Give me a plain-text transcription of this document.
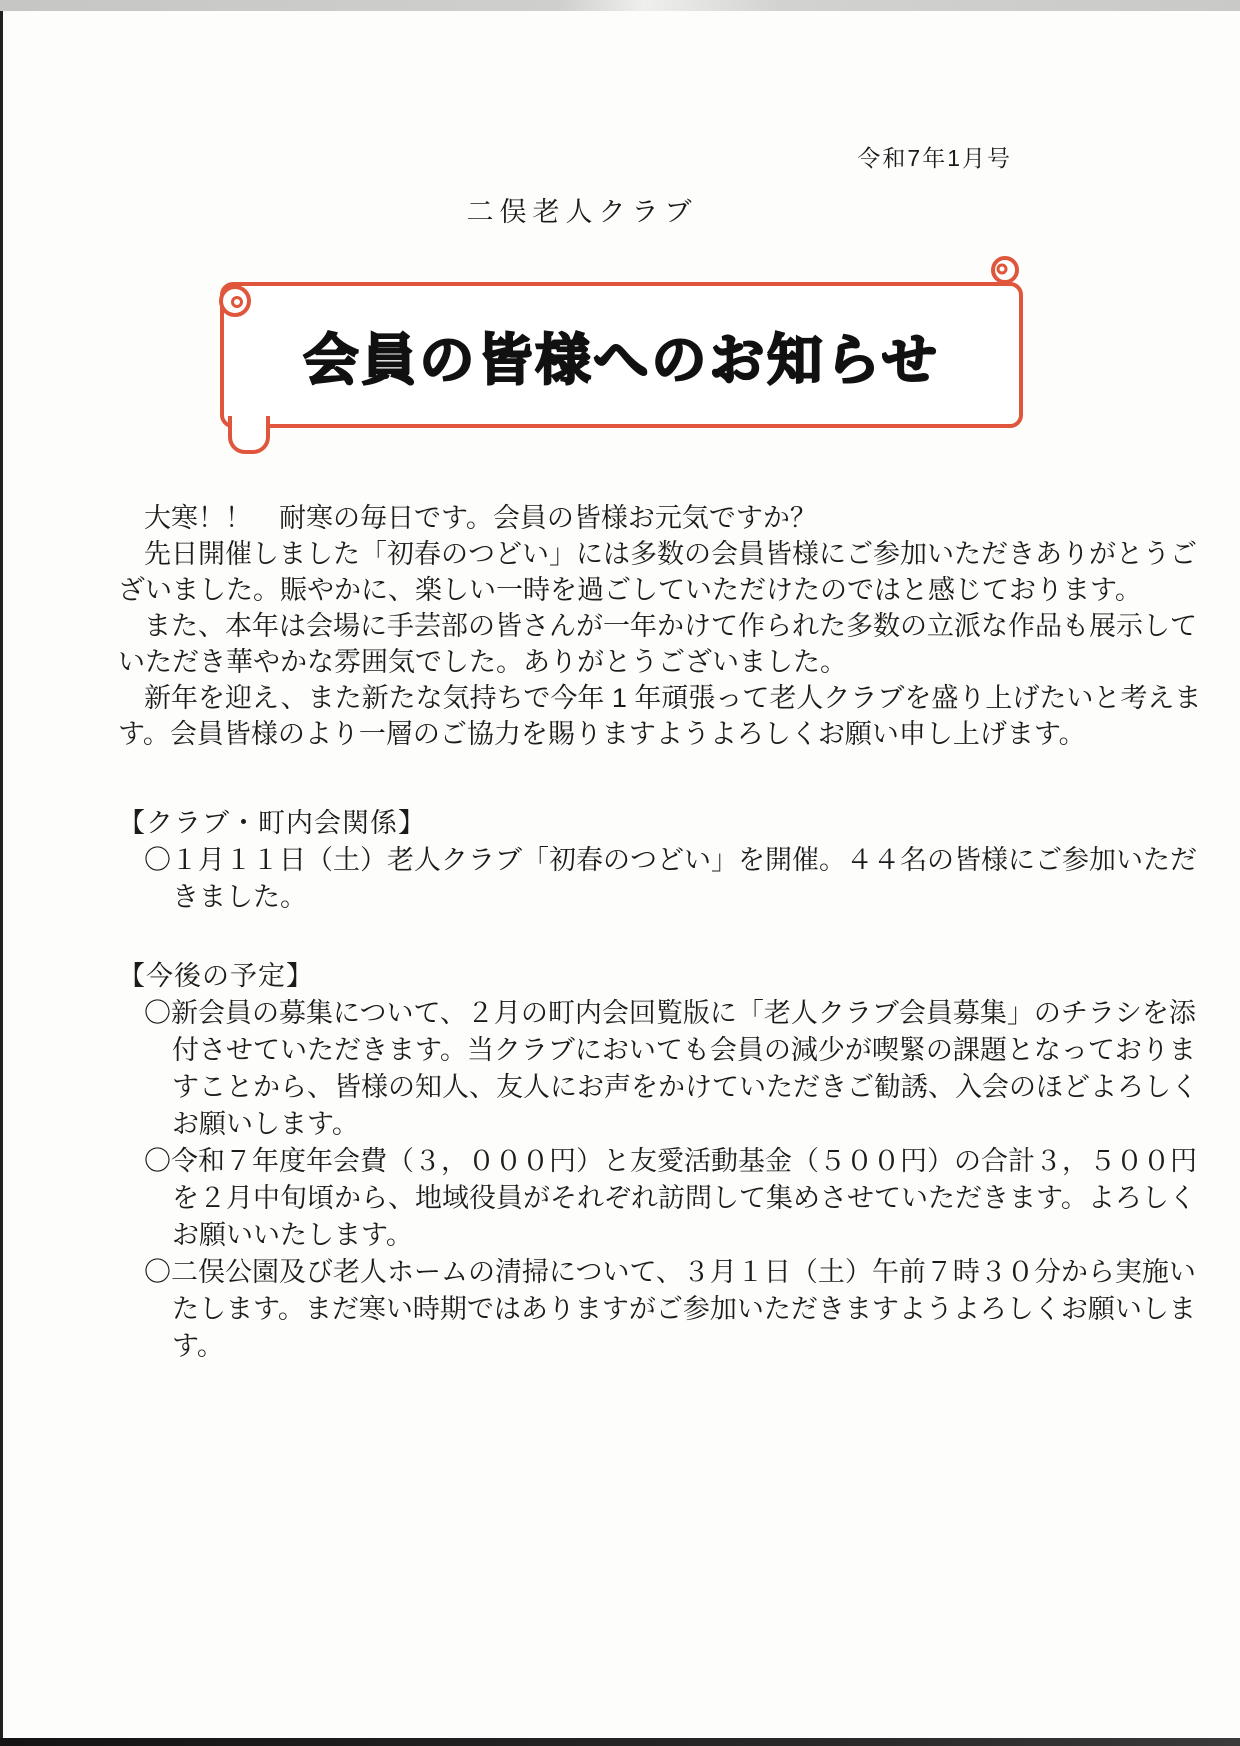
令和7年1月号
二俣老人クラブ
会員の皆様へのお知らせ
大寒！！　耐寒の毎日です。会員の皆様お元気ですか？
先日開催しました「初春のつどい」には多数の会員皆様にご参加いただきありがとうご
ざいました。賑やかに、楽しい一時を過ごしていただけたのではと感じております。
また、本年は会場に手芸部の皆さんが一年かけて作られた多数の立派な作品も展示して
いただき華やかな雰囲気でした。ありがとうございました。
新年を迎え、また新たな気持ちで今年 1 年頑張って老人クラブを盛り上げたいと考えま
す。会員皆様のより一層のご協力を賜りますようよろしくお願い申し上げます。
【クラブ・町内会関係】
〇１月１１日（土）老人クラブ「初春のつどい」を開催。４４名の皆様にご参加いただ
きました。
【今後の予定】
〇新会員の募集について、２月の町内会回覧版に「老人クラブ会員募集」のチラシを添
付させていただきます。当クラブにおいても会員の減少が喫緊の課題となっておりま
すことから、皆様の知人、友人にお声をかけていただきご勧誘、入会のほどよろしく
お願いします。
〇令和７年度年会費（３，０００円）と友愛活動基金（５００円）の合計３，５００円
を２月中旬頃から、地域役員がそれぞれ訪問して集めさせていただきます。よろしく
お願いいたします。
〇二俣公園及び老人ホームの清掃について、３月１日（土）午前７時３０分から実施い
たします。まだ寒い時期ではありますがご参加いただきますようよろしくお願いしま
す。
